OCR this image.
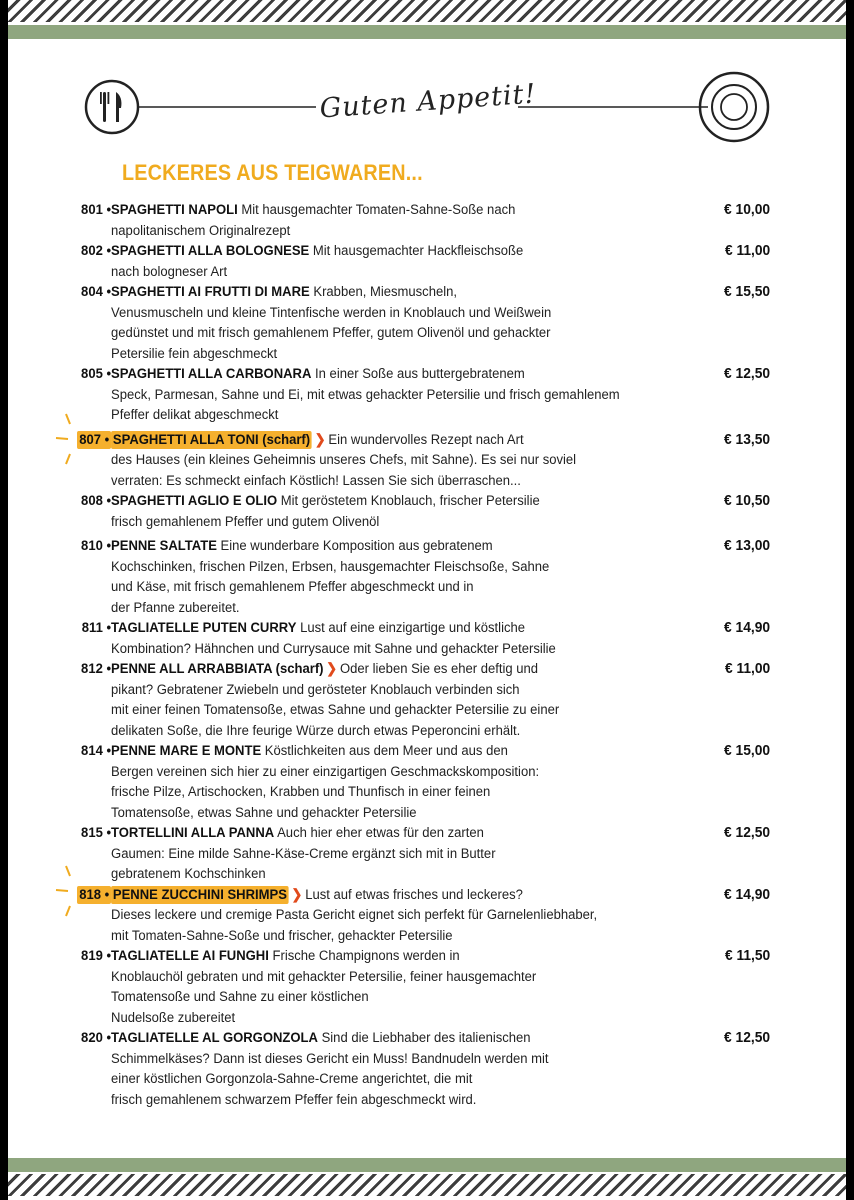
Guten Appetit!
LECKERES AUS TEIGWAREN...
801 •SPAGHETTI NAPOLI Mit hausgemachter Tomaten-Sahne-Soße nach
napolitanischem Originalrezept
€ 10,00
802 •SPAGHETTI ALLA BOLOGNESE Mit hausgemachter Hackfleischsoße
nach bologneser Art
€ 11,00
804 •SPAGHETTI AI FRUTTI DI MARE Krabben, Miesmuscheln,
Venusmuscheln und kleine Tintenfische werden in Knoblauch und Weißwein
gedünstet und mit frisch gemahlenem Pfeffer, gutem Olivenöl und gehackter
Petersilie fein abgeschmeckt
€ 15,50
805 •SPAGHETTI ALLA CARBONARA In einer Soße aus buttergebratenem
Speck, Parmesan, Sahne und Ei, mit etwas gehackter Petersilie und frisch gemahlenem
Pfeffer delikat abgeschmeckt
€ 12,50
807 •SPAGHETTI ALLA TONI (scharf) ❯ Ein wundervolles Rezept nach Art
des Hauses (ein kleines Geheimnis unseres Chefs, mit Sahne). Es sei nur soviel
verraten: Es schmeckt einfach Köstlich! Lassen Sie sich überraschen...
€ 13,50
808 •SPAGHETTI AGLIO E OLIO Mit geröstetem Knoblauch, frischer Petersilie
frisch gemahlenem Pfeffer und gutem Olivenöl
€ 10,50
810 •PENNE SALTATE Eine wunderbare Komposition aus gebratenem
Kochschinken, frischen Pilzen, Erbsen, hausgemachter Fleischsoße, Sahne
und Käse, mit frisch gemahlenem Pfeffer abgeschmeckt und in
der Pfanne zubereitet.
€ 13,00
811 •TAGLIATELLE PUTEN CURRY Lust auf eine einzigartige und köstliche
Kombination? Hähnchen und Currysauce mit Sahne und gehackter Petersilie
€ 14,90
812 •PENNE ALL ARRABBIATA (scharf) ❯ Oder lieben Sie es eher deftig und
pikant? Gebratener Zwiebeln und gerösteter Knoblauch verbinden sich
mit einer feinen Tomatensoße, etwas Sahne und gehackter Petersilie zu einer
delikaten Soße, die Ihre feurige Würze durch etwas Peperoncini erhält.
€ 11,00
814 •PENNE MARE E MONTE Köstlichkeiten aus dem Meer und aus den
Bergen vereinen sich hier zu einer einzigartigen Geschmackskomposition:
frische Pilze, Artischocken, Krabben und Thunfisch in einer feinen
Tomatensoße, etwas Sahne und gehackter Petersilie
€ 15,00
815 •TORTELLINI ALLA PANNA Auch hier eher etwas für den zarten
Gaumen: Eine milde Sahne-Käse-Creme ergänzt sich mit in Butter
gebratenem Kochschinken
€ 12,50
818 •PENNE ZUCCHINI SHRIMPS ❯ Lust auf etwas frisches und leckeres?
Dieses leckere und cremige Pasta Gericht eignet sich perfekt für Garnelenliebhaber,
mit Tomaten-Sahne-Soße und frischer, gehackter Petersilie
€ 14,90
819 •TAGLIATELLE AI FUNGHI Frische Champignons werden in
Knoblauchöl gebraten und mit gehackter Petersilie, feiner hausgemachter
Tomatensoße und Sahne zu einer köstlichen
Nudelsoße zubereitet
€ 11,50
820 •TAGLIATELLE AL GORGONZOLA Sind die Liebhaber des italienischen
Schimmelkäses? Dann ist dieses Gericht ein Muss! Bandnudeln werden mit
einer köstlichen Gorgonzola-Sahne-Creme angerichtet, die mit
frisch gemahlenem schwarzem Pfeffer fein abgeschmeckt wird.
€ 12,50
